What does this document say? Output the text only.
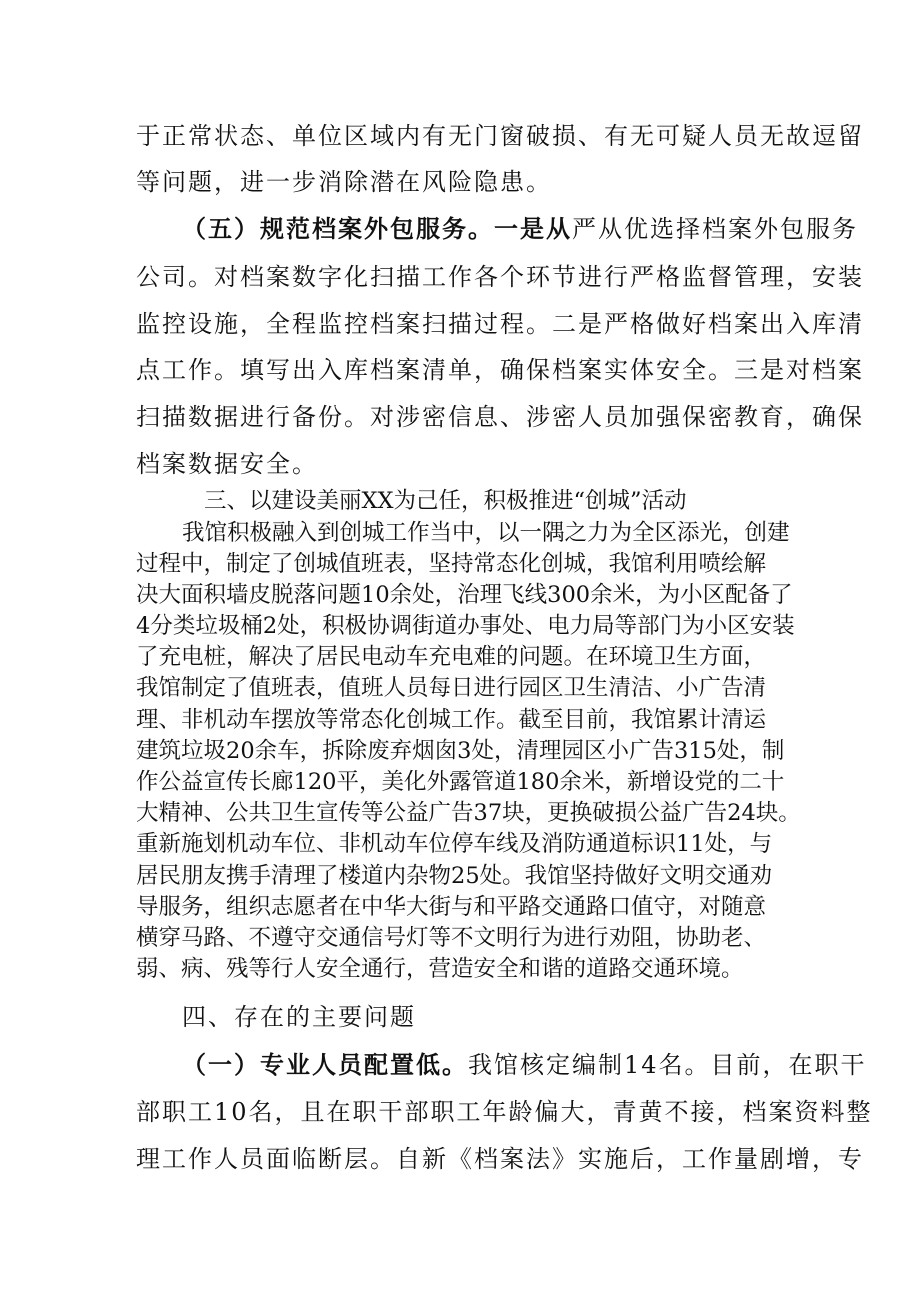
于正常状态、单位区域内有无门窗破损、有无可疑人员无故逗留
等问题，进一步消除潜在风险隐患。
（五）规范档案外包服务。一是从严从优选择档案外包服务
公司。对档案数字化扫描工作各个环节进行严格监督管理，安装
监控设施，全程监控档案扫描过程。二是严格做好档案出入库清
点工作。填写出入库档案清单，确保档案实体安全。三是对档案
扫描数据进行备份。对涉密信息、涉密人员加强保密教育，确保
档案数据安全。
三、以建设美丽XX为己任，积极推进“创城”活动
我馆积极融入到创城工作当中，以一隅之力为全区添光，创建
过程中，制定了创城值班表，坚持常态化创城，我馆利用喷绘解
决大面积墙皮脱落问题10余处，治理飞线300余米，为小区配备了
4分类垃圾桶2处，积极协调街道办事处、电力局等部门为小区安装
了充电桩，解决了居民电动车充电难的问题。在环境卫生方面，
我馆制定了值班表，值班人员每日进行园区卫生清洁、小广告清
理、非机动车摆放等常态化创城工作。截至目前，我馆累计清运
建筑垃圾20余车，拆除废弃烟囱3处，清理园区小广告315处，制
作公益宣传长廊120平，美化外露管道180余米，新增设党的二十
大精神、公共卫生宣传等公益广告37块，更换破损公益广告24块。
重新施划机动车位、非机动车位停车线及消防通道标识11处，与
居民朋友携手清理了楼道内杂物25处。我馆坚持做好文明交通劝
导服务，组织志愿者在中华大街与和平路交通路口值守，对随意
横穿马路、不遵守交通信号灯等不文明行为进行劝阻，协助老、
弱、病、残等行人安全通行，营造安全和谐的道路交通环境。
四、存在的主要问题
（一）专业人员配置低。我馆核定编制14名。目前，在职干
部职工10名，且在职干部职工年龄偏大，青黄不接，档案资料整
理工作人员面临断层。自新《档案法》实施后，工作量剧增，专
